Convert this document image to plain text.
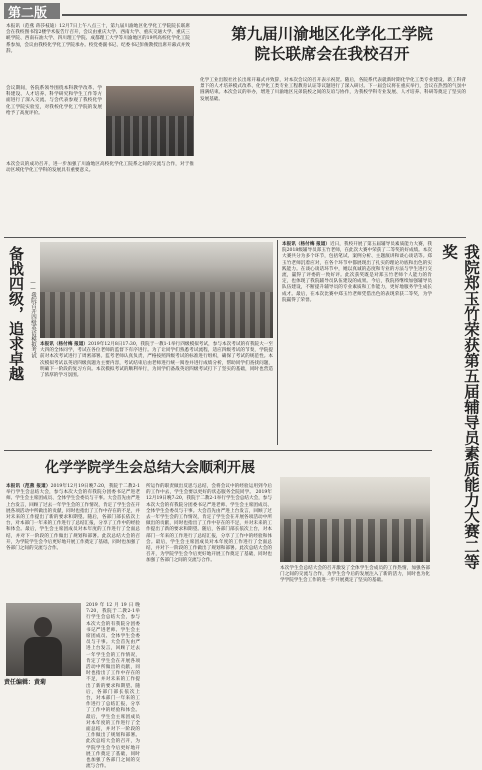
第二版
本报讯（范燕 蒋莎枝迪）12月7日上午八点三十，第九届川渝地区化学化工学院院长联席会在我校图书馆2楼学术报告厅召开，会议由重庆大学、西南大学、重庆交通大学、重庆三峡学院、西南石油大学、四川理工学院、成都理工大学等川渝地区的19所高校化学化工院系参加，会议由我校化学化工学院承办。校党委副书记、纪委书记彭俊教授出席开幕式并致辞。
第九届川渝地区化学化工学院
院长联席会在我校召开
会议期间，各院系领导围绕本科教学改革、学科建设、人才培养、科学研究和学生工作等方面进行了深入交流。与会代表参观了我校化学化工学院实验室，对我校化学化工学院的发展给予了高度评价。
本次会议的成功召开，进一步加强了川渝地区高校化学化工院系之间的交流与合作，对于推动区域化学化工学科的发展具有重要意义。
化学工业出版社社长出席开幕式并致辞，对本次会议的召开表示祝贺。随后，各院系代表就新时期化学化工类专业建设、新工科背景下的人才培养模式改革、化学化工类专业工程教育认证等议题进行了深入研讨。下一届会议将在重庆举行，会议在热烈的气氛中圆满结束。本次会议的举办，增进了川渝地区兄弟院校之间的友谊与协作，为我校学科专业发展、人才培养、科研等奠定了坚实的发展基础。
备战四级，追求卓越 ——我院召开四级英语模拟考试 本报讯（杨付梅 报道）2019年12月8日17:30，我院于一教1-1举行四级模拟考试，参与本次考试的有我院大一至大四的全体同学，考试在各位老师的监督下有序进行。为了让同学们熟悉考试流程，适应四级考试的节奏，学院提前对本次考试进行了周密部署。监考老师认真负责，严格按照四级考试的标准进行组织，确保了考试的规范性。本次模拟考试以英语四级真题为主要内容，考试结束后由老师进行统一阅卷并进行成绩分析，帮助同学们查找问题，明确下一阶段的复习方向。本次模拟考试的顺利举行，为同学们备战英语四级考试打下了坚实的基础，同时也营造了浓厚的学习氛围。
本报讯（杨付梅 报道）近日，我校开展了第五届辅导员素质能力大赛，我院2018级辅导员郑玉竹老师，在此次大赛中荣获了二等奖的好成绩。本次大赛共分为多个环节，包括笔试、案例分析、主题演讲和谈心谈话等。郑玉竹老师沉着应对，在各个环节中都展现出了扎实的理论功底和出色的实践能力。在谈心谈话环节中，她以真诚的态度和专业的方法与学生进行交流，赢得了评委的一致好评。此次获奖既是对郑玉竹老师个人能力的肯定，也体现了我院辅导员队伍建设的成果。今后，我院将继续加强辅导员队伍建设，不断提升辅导员的专业素质和工作能力，更好地服务学生成长成才。最后，在本次比赛中郑玉竹老师凭借出色的表现荣获二等奖，为学院赢得了荣誉。	我院郑玉竹荣获第五届辅导员素质能力大赛二等奖
化学学院学生会总结大会顺利开展
本报讯（范燕 报道）2019年12月19日晚7:20，我院于二教2-1举行学生会总结大会，参与本次大会的有我院分团委书记严进老师、学生会主席团成员、全体学生会委员与干事。大会首先由严进上台发言，回顾了过去一年学生会的工作情况，肯定了学生会在开展各项活动中所做出的贡献，同时也指出了工作中存在的不足，并对未来的工作提出了新的要求和期望。随后，各部门部长依次上台，对本部门一年来的工作进行了总结汇报，分享了工作中的经验和体会。最后，学生会主席团成员对本年度的工作进行了全面总结，并对下一阶段的工作做出了规划和部署。此次总结大会的召开，为学院学生会今后更好地开展工作奠定了基础，同时也加强了各部门之间的交流与合作。
2019年12月19日晚7:20，我院于二教2-1举行学生会总结大会，参与本次大会的有我院分团委书记严进老师、学生会主席团成员、全体学生会委员与干事。大会首先由严进上台发言，回顾了过去一年学生会的工作情况，肯定了学生会在开展各项活动中所做出的贡献，同时也指出了工作中存在的不足，并对未来的工作提出了新的要求和期望。随后，各部门部长依次上台，对本部门一年来的工作进行了总结汇报，分享了工作中的经验和体会。最后，学生会主席团成员对本年度的工作进行了全面总结，并对下一阶段的工作做出了规划和部署。此次总结大会的召开，为学院学生会今后更好地开展工作奠定了基础，同时也加强了各部门之间的交流与合作。
所运作的职责做出反思与总结，会将会议中的经验运用到今后的工作中去，学生会要以更好的状态服务全院同学。 2019年12月19日晚7:20，我院于二教2-1举行学生会总结大会，参与本次大会的有我院分团委书记严进老师、学生会主席团成员、全体学生会委员与干事。大会首先由严进上台发言，回顾了过去一年学生会的工作情况，肯定了学生会在开展各项活动中所做出的贡献，同时也指出了工作中存在的不足，并对未来的工作提出了新的要求和期望。随后，各部门部长依次上台，对本部门一年来的工作进行了总结汇报，分享了工作中的经验和体会。最后，学生会主席团成员对本年度的工作进行了全面总结，并对下一阶段的工作做出了规划和部署。此次总结大会的召开，为学院学生会今后更好地开展工作奠定了基础，同时也加强了各部门之间的交流与合作。
本次学生会总结大会的召开激发了全体学生会成员的工作热情，加强各部门之间的交流与合作，为学生会今后的发展注入了新的活力，同时也为化学学院学生会工作的进一步开展奠定了坚实的基础。
责任编辑：黄菊
